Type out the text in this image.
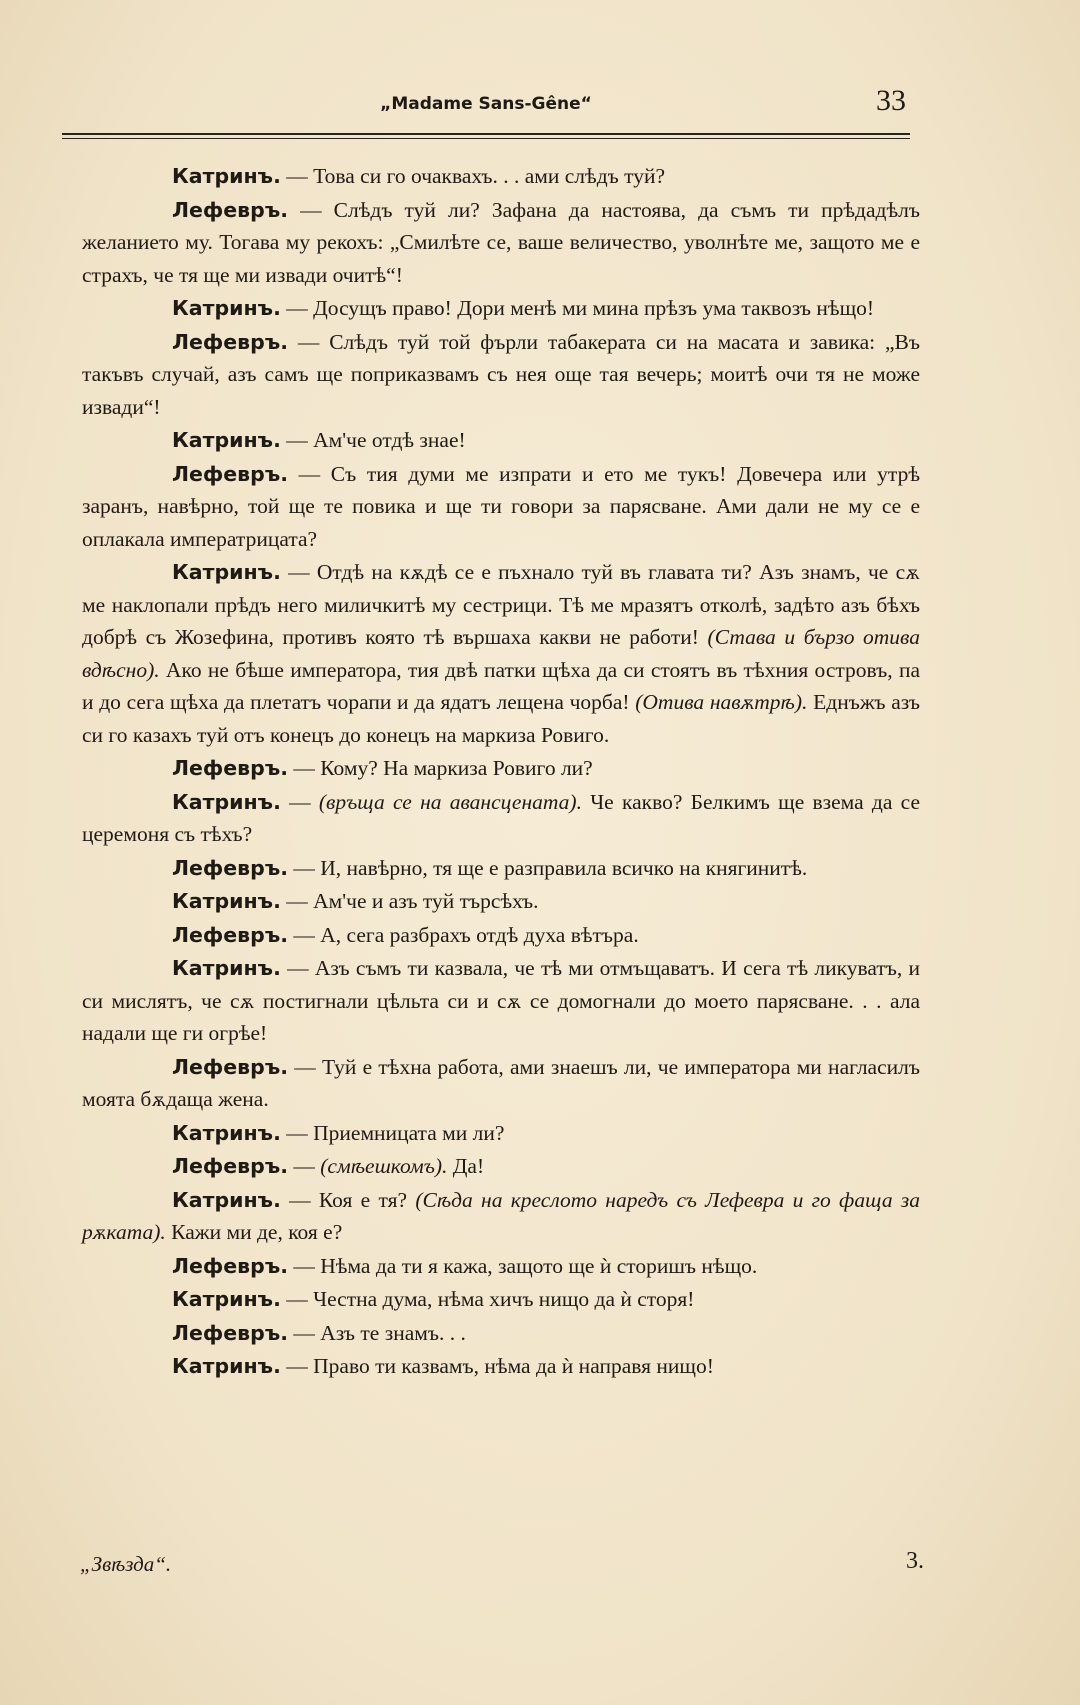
„Madame Sans-Gêne“	33

Катринъ. — Това си го очаквахъ. . . ами слѣдъ туй?

Лефевръ. — Слѣдъ туй ли? Зафана да настоява, да съмъ ти прѣдадѣлъ желанието му. Тогава му рекохъ: „Смилѣте се, ваше величество, уволнѣте ме, защото ме е страхъ, че тя ще ми извади очитѣ“!

Катринъ. — Досущъ право! Дори менѣ ми мина прѣзъ ума таквозъ нѣщо!

Лефевръ. — Слѣдъ туй той фърли табакерата си на масата и завика: „Въ такъвъ случай, азъ самъ ще поприказвамъ съ нея още тая вечерь; моитѣ очи тя не може извади“!

Катринъ. — Ам'че отдѣ знае!

Лефевръ. — Съ тия думи ме изпрати и ето ме тукъ! Довечера или утрѣ заранъ, навѣрно, той ще те повика и ще ти говори за парясване. Ами дали не му се е оплакала императрицата?

Катринъ. — Отдѣ на кѫдѣ се е пъхнало туй въ главата ти? Азъ знамъ, че сѫ ме наклопали прѣдъ него миличкитѣ му сестрици. Тѣ ме мразятъ отколѣ, задѣто азъ бѣхъ добрѣ съ Жозефина, противъ която тѣ вършаха какви не работи! (Става и бързо отива вдѣсно). Ако не бѣше императора, тия двѣ патки щѣха да си стоятъ въ тѣхния островъ, па и до сега щѣха да плетатъ чорапи и да ядатъ лещена чорба! (Отива навѫтрѣ). Еднъжъ азъ си го казахъ туй отъ конецъ до конецъ на маркиза Ровиго.

Лефевръ. — Кому? На маркиза Ровиго ли?

Катринъ. — (връща се на авансцената). Че какво? Белкимъ ще взема да се церемоня съ тѣхъ?

Лефевръ. — И, навѣрно, тя ще е разправила всичко на княгинитѣ.

Катринъ. — Ам'че и азъ туй търсѣхъ.

Лефевръ. — А, сега разбрахъ отдѣ духа вѣтъра.

Катринъ. — Азъ съмъ ти казвала, че тѣ ми отмъщаватъ. И сега тѣ ликуватъ, и си мислятъ, че сѫ постигнали цѣльта си и сѫ се домогнали до моето парясване. . . ала надали ще ги огрѣе!

Лефевръ. — Туй е тѣхна работа, ами знаешъ ли, че императора ми нагласилъ моята бѫдаща жена.

Катринъ. — Приемницата ми ли?

Лефевръ. — (смѣешкомъ). Да!

Катринъ. — Коя е тя? (Сѣда на креслото наредъ съ Лефевра и го фаща за рѫката). Кажи ми де, коя е?

Лефевръ. — Нѣма да ти я кажа, защото ще ѝ сторишъ нѣщо.

Катринъ. — Честна дума, нѣма хичъ нищо да ѝ сторя!

Лефевръ. — Азъ те знамъ. . .

Катринъ. — Право ти казвамъ, нѣма да ѝ направя нищо!

„Звѣзда“.	3.
